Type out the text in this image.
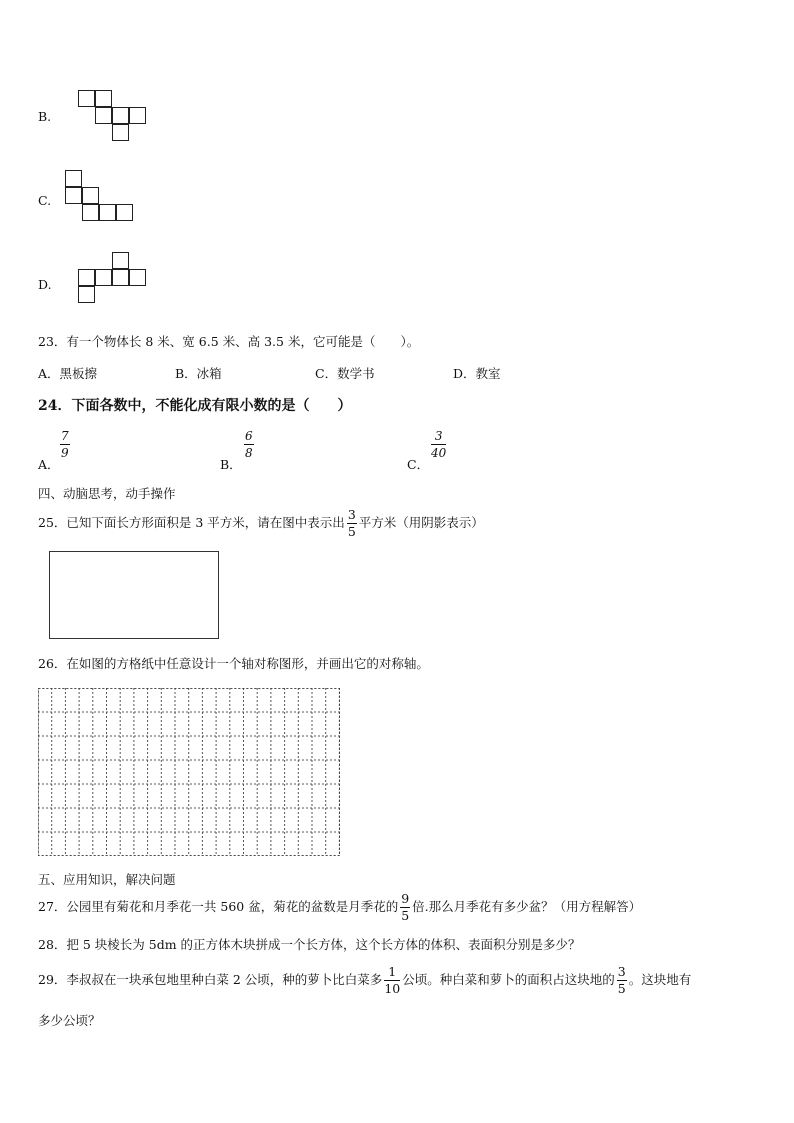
B.
C.
D.
23．有一个物体长 8 米、宽 6.5 米、高 3.5 米，它可能是（　　）。
A．黑板擦	B．冰箱	C．数学书	D．教室
24．下面各数中，不能化成有限小数的是（　　）
A．
$\frac{7}{9}$
B．
$\frac{6}{8}$
C．
$\frac{3}{40}$
四、动脑思考，动手操作
25．已知下面长方形面积是 3 平方米，请在图中表示出 $\frac{3}{5}$ 平方米（用阴影表示）
26．在如图的方格纸中任意设计一个轴对称图形，并画出它的对称轴。
五、应用知识，解决问题
27．公园里有菊花和月季花一共 560 盆，菊花的盆数是月季花的 $\frac{9}{5}$ 倍.那么月季花有多少盆？（用方程解答）
28．把 5 块棱长为 5dm 的正方体木块拼成一个长方体，这个长方体的体积、表面积分别是多少？
29．李叔叔在一块承包地里种白菜 2 公顷，种的萝卜比白菜多 $\frac{1}{10}$ 公顷。种白菜和萝卜的面积占这块地的 $\frac{3}{5}$ 。这块地有
多少公顷？
